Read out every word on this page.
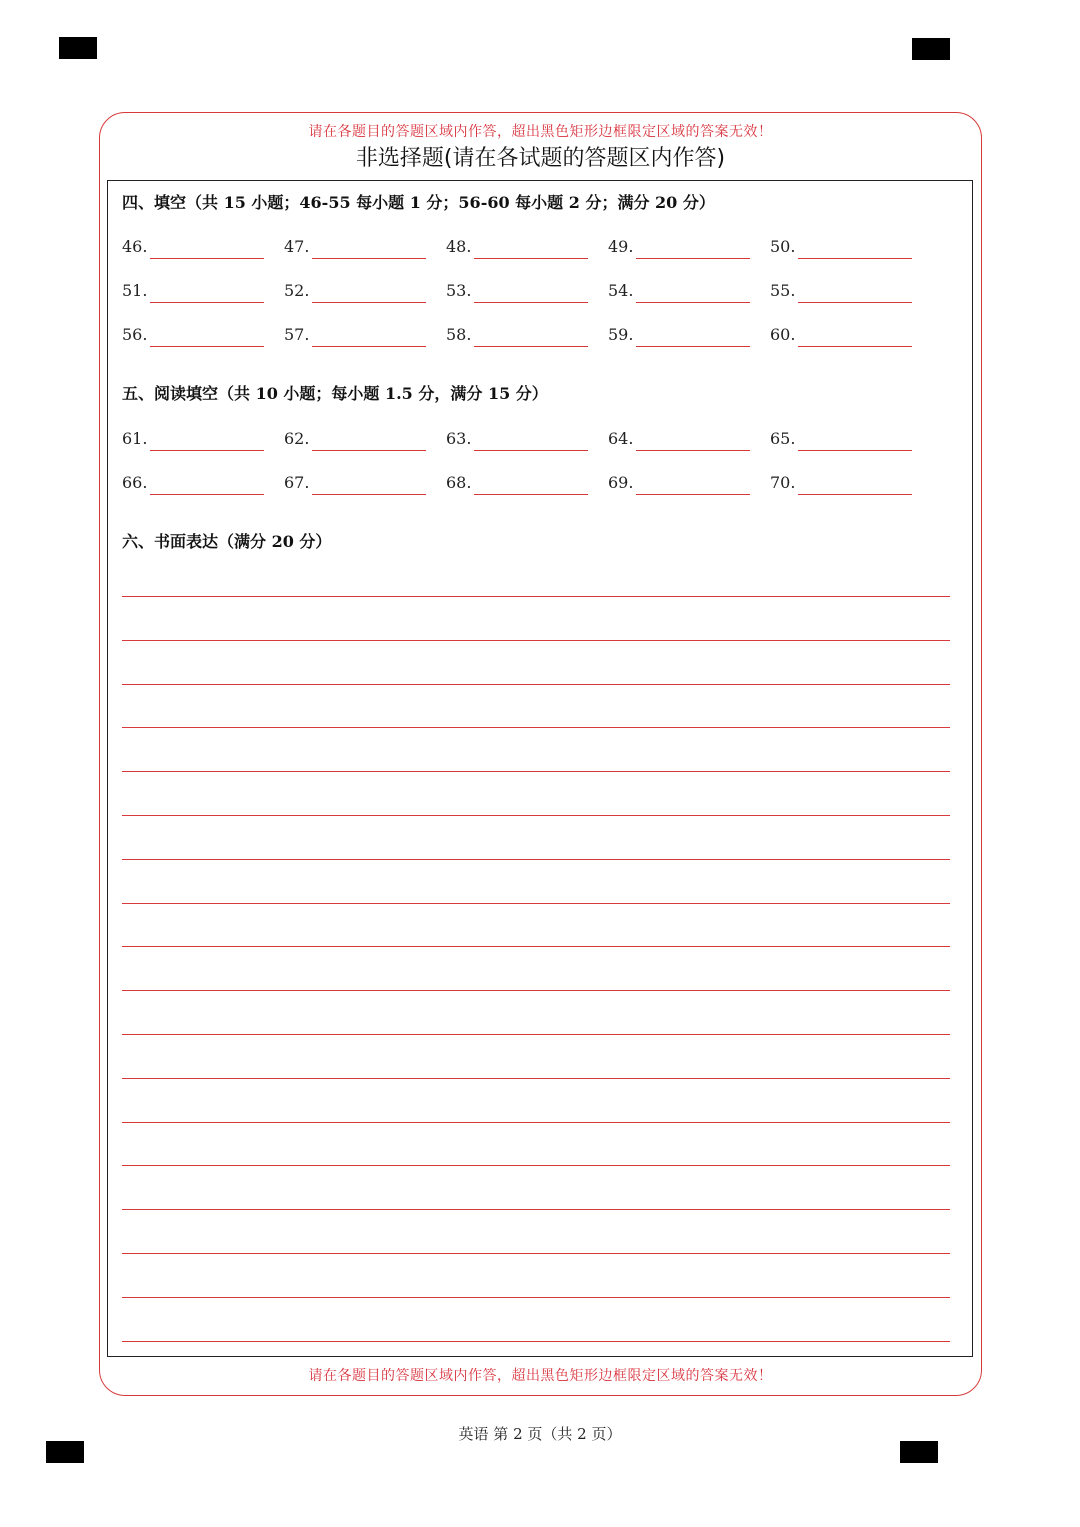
请在各题目的答题区域内作答，超出黑色矩形边框限定区域的答案无效！
非选择题(请在各试题的答题区内作答)
四、填空（共 15 小题；46-55 每小题 1 分；56-60 每小题 2 分；满分 20 分）
46.	47.	48.	49.	50.
51.	52.	53.	54.	55.
56.	57.	58.	59.	60.
五、阅读填空（共 10 小题；每小题 1.5 分，满分 15 分）
61.	62.	63.	64.	65.
66.	67.	68.	69.	70.
六、书面表达（满分 20 分）
请在各题目的答题区域内作答，超出黑色矩形边框限定区域的答案无效！
英语 第 2 页（共 2 页）
